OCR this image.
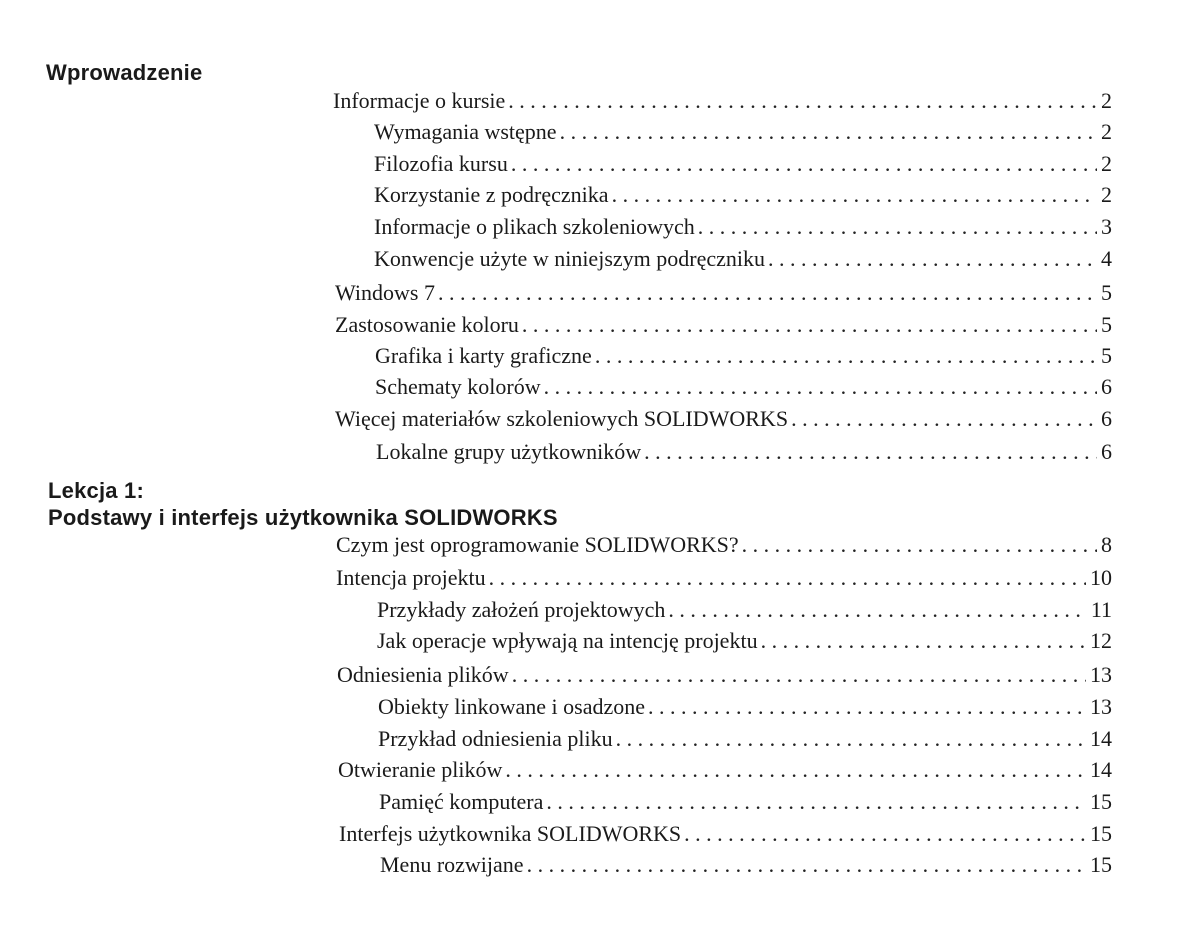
Wprowadzenie
Informacje o kursie . . .	2
Wymagania wstępne . . .	2
Filozofia kursu . . .	2
Korzystanie z podręcznika . . .	2
Informacje o plikach szkoleniowych . . .	3
Konwencje użyte w niniejszym podręczniku . . .	4
Windows 7 . . .	5
Zastosowanie koloru . . .	5
Grafika i karty graficzne . . .	5
Schematy kolorów . . .	6
Więcej materiałów szkoleniowych SOLIDWORKS . . .	6
Lokalne grupy użytkowników . . .	6
Lekcja 1:
Podstawy i interfejs użytkownika SOLIDWORKS
Czym jest oprogramowanie SOLIDWORKS? . . .	8
Intencja projektu . . .	10
Przykłady założeń projektowych . . .	11
Jak operacje wpływają na intencję projektu . . .	12
Odniesienia plików . . .	13
Obiekty linkowane i osadzone . . .	13
Przykład odniesienia pliku . . .	14
Otwieranie plików . . .	14
Pamięć komputera . . .	15
Interfejs użytkownika SOLIDWORKS . . .	15
Menu rozwijane . . .	15
